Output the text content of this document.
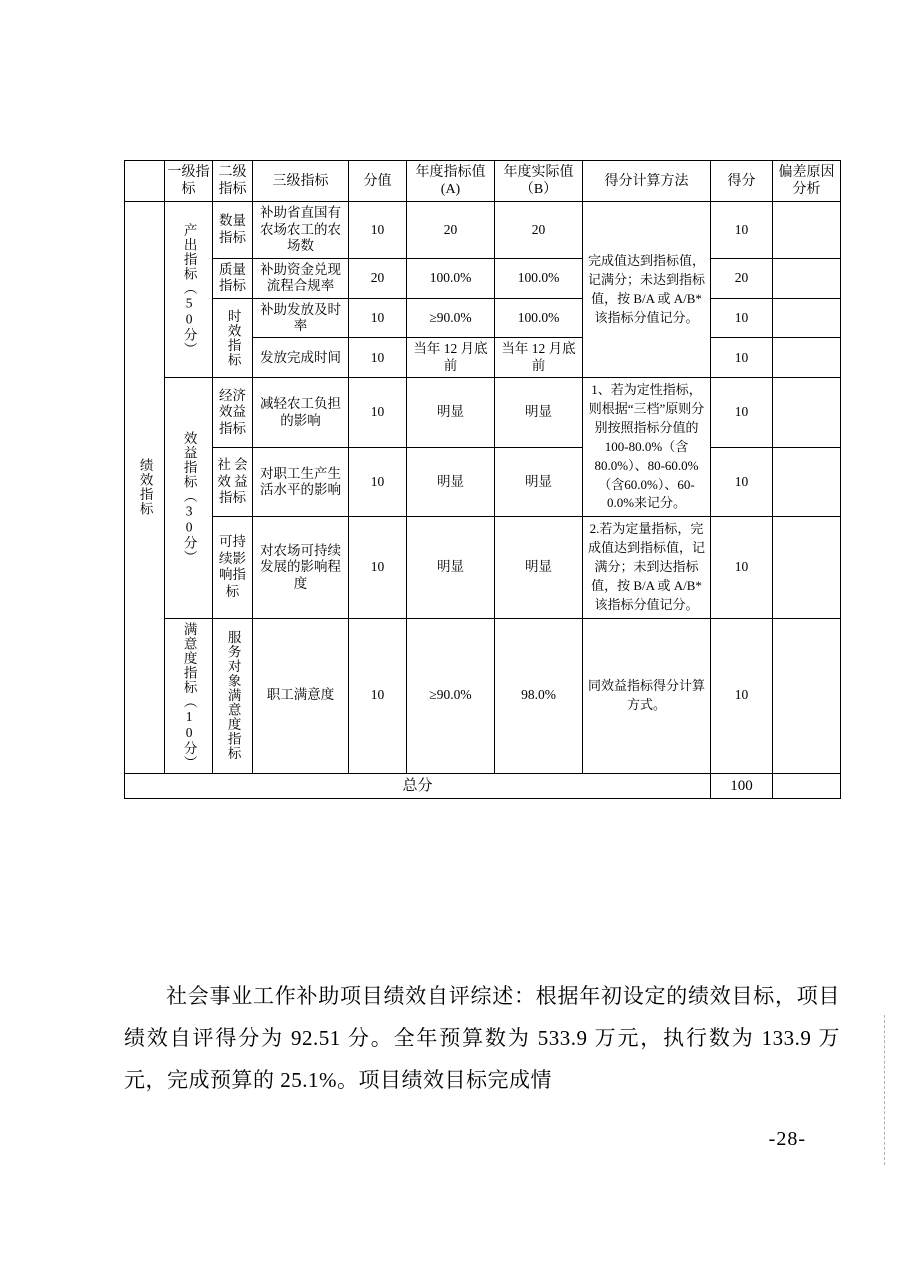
	一级指标	二级指标	三级指标	分值	年度指标值(A)	年度实际值（B）	得分计算方法	得分	偏差原因分析

绩效指标	产出指标（50分）	数量指标	补助省直国有农场农工的农场数	10	20	20	完成值达到指标值，记满分；未达到指标值，按 B/A 或 A/B*该指标分值记分。	10	
		质量指标	补助资金兑现流程合规率	20	100.0%	100.0%		20	

		时效指标	补助发放及时率	10	≥90.0%	100.0%		10	
			发放完成时间	10	当年 12 月底前	当年 12 月底前		10	

	效益指标（30分）	经济效益指标	减轻农工负担的影响	10	明显	明显	1、若为定性指标，则根据“三档”原则分别按照指标分值的100-80.0%（含80.0%）、80-60.0%（含60.0%）、60-0.0%来记分。	10	
		社 会 效 益 指标	对职工生产生活水平的影响	10	明显	明显		10	
		可持续影响指标	对农场可持续发展的影响程度	10	明显	明显	2.若为定量指标，完成值达到指标值，记满分；未到达指标值，按 B/A 或 A/B*该指标分值记分。	10	

	满意度指标（10分）	服务对象满意度指标	职工满意度	10	≥90.0%	98.0%	同效益指标得分计算方式。	10	
总分								100	
社会事业工作补助项目绩效自评综述：根据年初设定的绩效目标，项目绩效自评得分为 92.51 分。全年预算数为 533.9 万元，执行数为 133.9 万元，完成预算的 25.1%。项目绩效目标完成情
-28-
